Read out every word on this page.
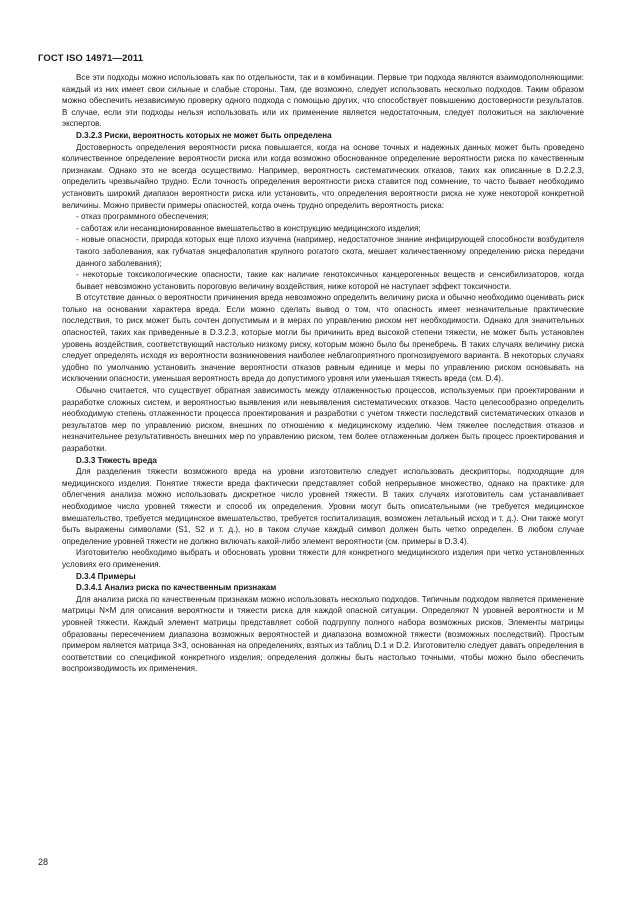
ГОСТ ISO 14971—2011

Все эти подходы можно использовать как по отдельности, так и в комбинации. Первые три подхода являются взаимодополняющими: каждый из них имеет свои сильные и слабые стороны. Там, где возможно, следует использовать несколько подходов. Таким образом можно обеспечить независимую проверку одного подхода с помощью других, что способствует повышению достоверности результатов. В случае, если эти подходы нельзя использовать или их применение является недостаточным, следует положиться на заключение экспертов.

D.3.2.3 Риски, вероятность которых не может быть определена

Достоверность определения вероятности риска повышается, когда на основе точных и надежных данных может быть проведено количественное определение вероятности риска или когда возможно обоснованное определение вероятности риска по качественным признакам. Однако это не всегда осуществимо. Например, вероятность систематических отказов, таких как описанные в D.2.2.3, определить чрезвычайно трудно. Если точность определения вероятности риска ставится под сомнение, то часто бывает необходимо установить широкий диапазон вероятности риска или установить, что определения вероятности риска не хуже некоторой конкретной величины. Можно привести примеры опасностей, когда очень трудно определить вероятность риска:

- отказ программного обеспечения;

- саботаж или несанкционированное вмешательство в конструкцию медицинского изделия;

- новые опасности, природа которых еще плохо изучена (например, недостаточное знание инфицирующей способности возбудителя такого заболевания, как губчатая энцефалопатия крупного рогатого скота, мешает количественному определению риска передачи данного заболевания);

- некоторые токсикологические опасности, такие как наличие генотоксичных канцерогенных веществ и сенсибилизаторов, когда бывает невозможно установить пороговую величину воздействия, ниже которой не наступает эффект токсичности.

В отсутствие данных о вероятности причинения вреда невозможно определить величину риска и обычно необходимо оценивать риск только на основании характера вреда. Если можно сделать вывод о том, что опасность имеет незначительные практические последствия, то риск может быть сочтен допустимым и в мерах по управлению риском нет необходимости. Однако для значительных опасностей, таких как приведенные в D.3.2.3, которые могли бы причинить вред высокой степени тяжести, не может быть установлен уровень воздействия, соответствующий настолько низкому риску, которым можно было бы пренебречь. В таких случаях величину риска следует определять исходя из вероятности возникновения наиболее неблагоприятного прогнозируемого варианта. В некоторых случаях удобно по умолчанию установить значение вероятности отказов равным единице и меры по управлению риском основывать на исключении опасности, уменьшая вероятность вреда до допустимого уровня или уменьшая тяжесть вреда (см. D.4).

Обычно считается, что существует обратная зависимость между отлаженностью процессов, используемых при проектировании и разработке сложных систем, и вероятностью выявления или невыявления систематических отказов. Часто целесообразно определить необходимую степень отлаженности процесса проектирования и разработки с учетом тяжести последствий систематических отказов и результатов мер по управлению риском, внешних по отношению к медицинскому изделию. Чем тяжелее последствия отказов и незначительнее результативность внешних мер по управлению риском, тем более отлаженным должен быть процесс проектирования и разработки.

D.3.3 Тяжесть вреда

Для разделения тяжести возможного вреда на уровни изготовителю следует использовать дескрипторы, подходящие для медицинского изделия. Понятие тяжести вреда фактически представляет собой непрерывное множество, однако на практике для облегчения анализа можно использовать дискретное число уровней тяжести. В таких случаях изготовитель сам устанавливает необходимое число уровней тяжести и способ их определения. Уровни могут быть описательными (не требуется медицинское вмешательство, требуется медицинское вмешательство, требуется госпитализация, возможен летальный исход и т. д.). Они также могут быть выражены символами (S1, S2 и т. д.), но в таком случае каждый символ должен быть четко определен. В любом случае определение уровней тяжести не должно включать какой-либо элемент вероятности (см. примеры в D.3.4).

Изготовителю необходимо выбрать и обосновать уровни тяжести для конкретного медицинского изделия при четко установленных условиях его применения.

D.3.4 Примеры

D.3.4.1 Анализ риска по качественным признакам

Для анализа риска по качественным признакам можно использовать несколько подходов. Типичным подходом является применение матрицы N×M для описания вероятности и тяжести риска для каждой опасной ситуации. Определяют N уровней вероятности и M уровней тяжести. Каждый элемент матрицы представляет собой подгруппу полного набора возможных рисков. Элементы матрицы образованы пересечением диапазона возможных вероятностей и диапазона возможной тяжести (возможных последствий). Простым примером является матрица 3×3, основанная на определениях, взятых из таблиц D.1 и D.2. Изготовителю следует давать определения в соответствии со спецификой конкретного изделия; определения должны быть настолько точными, чтобы можно было обеспечить воспроизводимость их применения.

28
